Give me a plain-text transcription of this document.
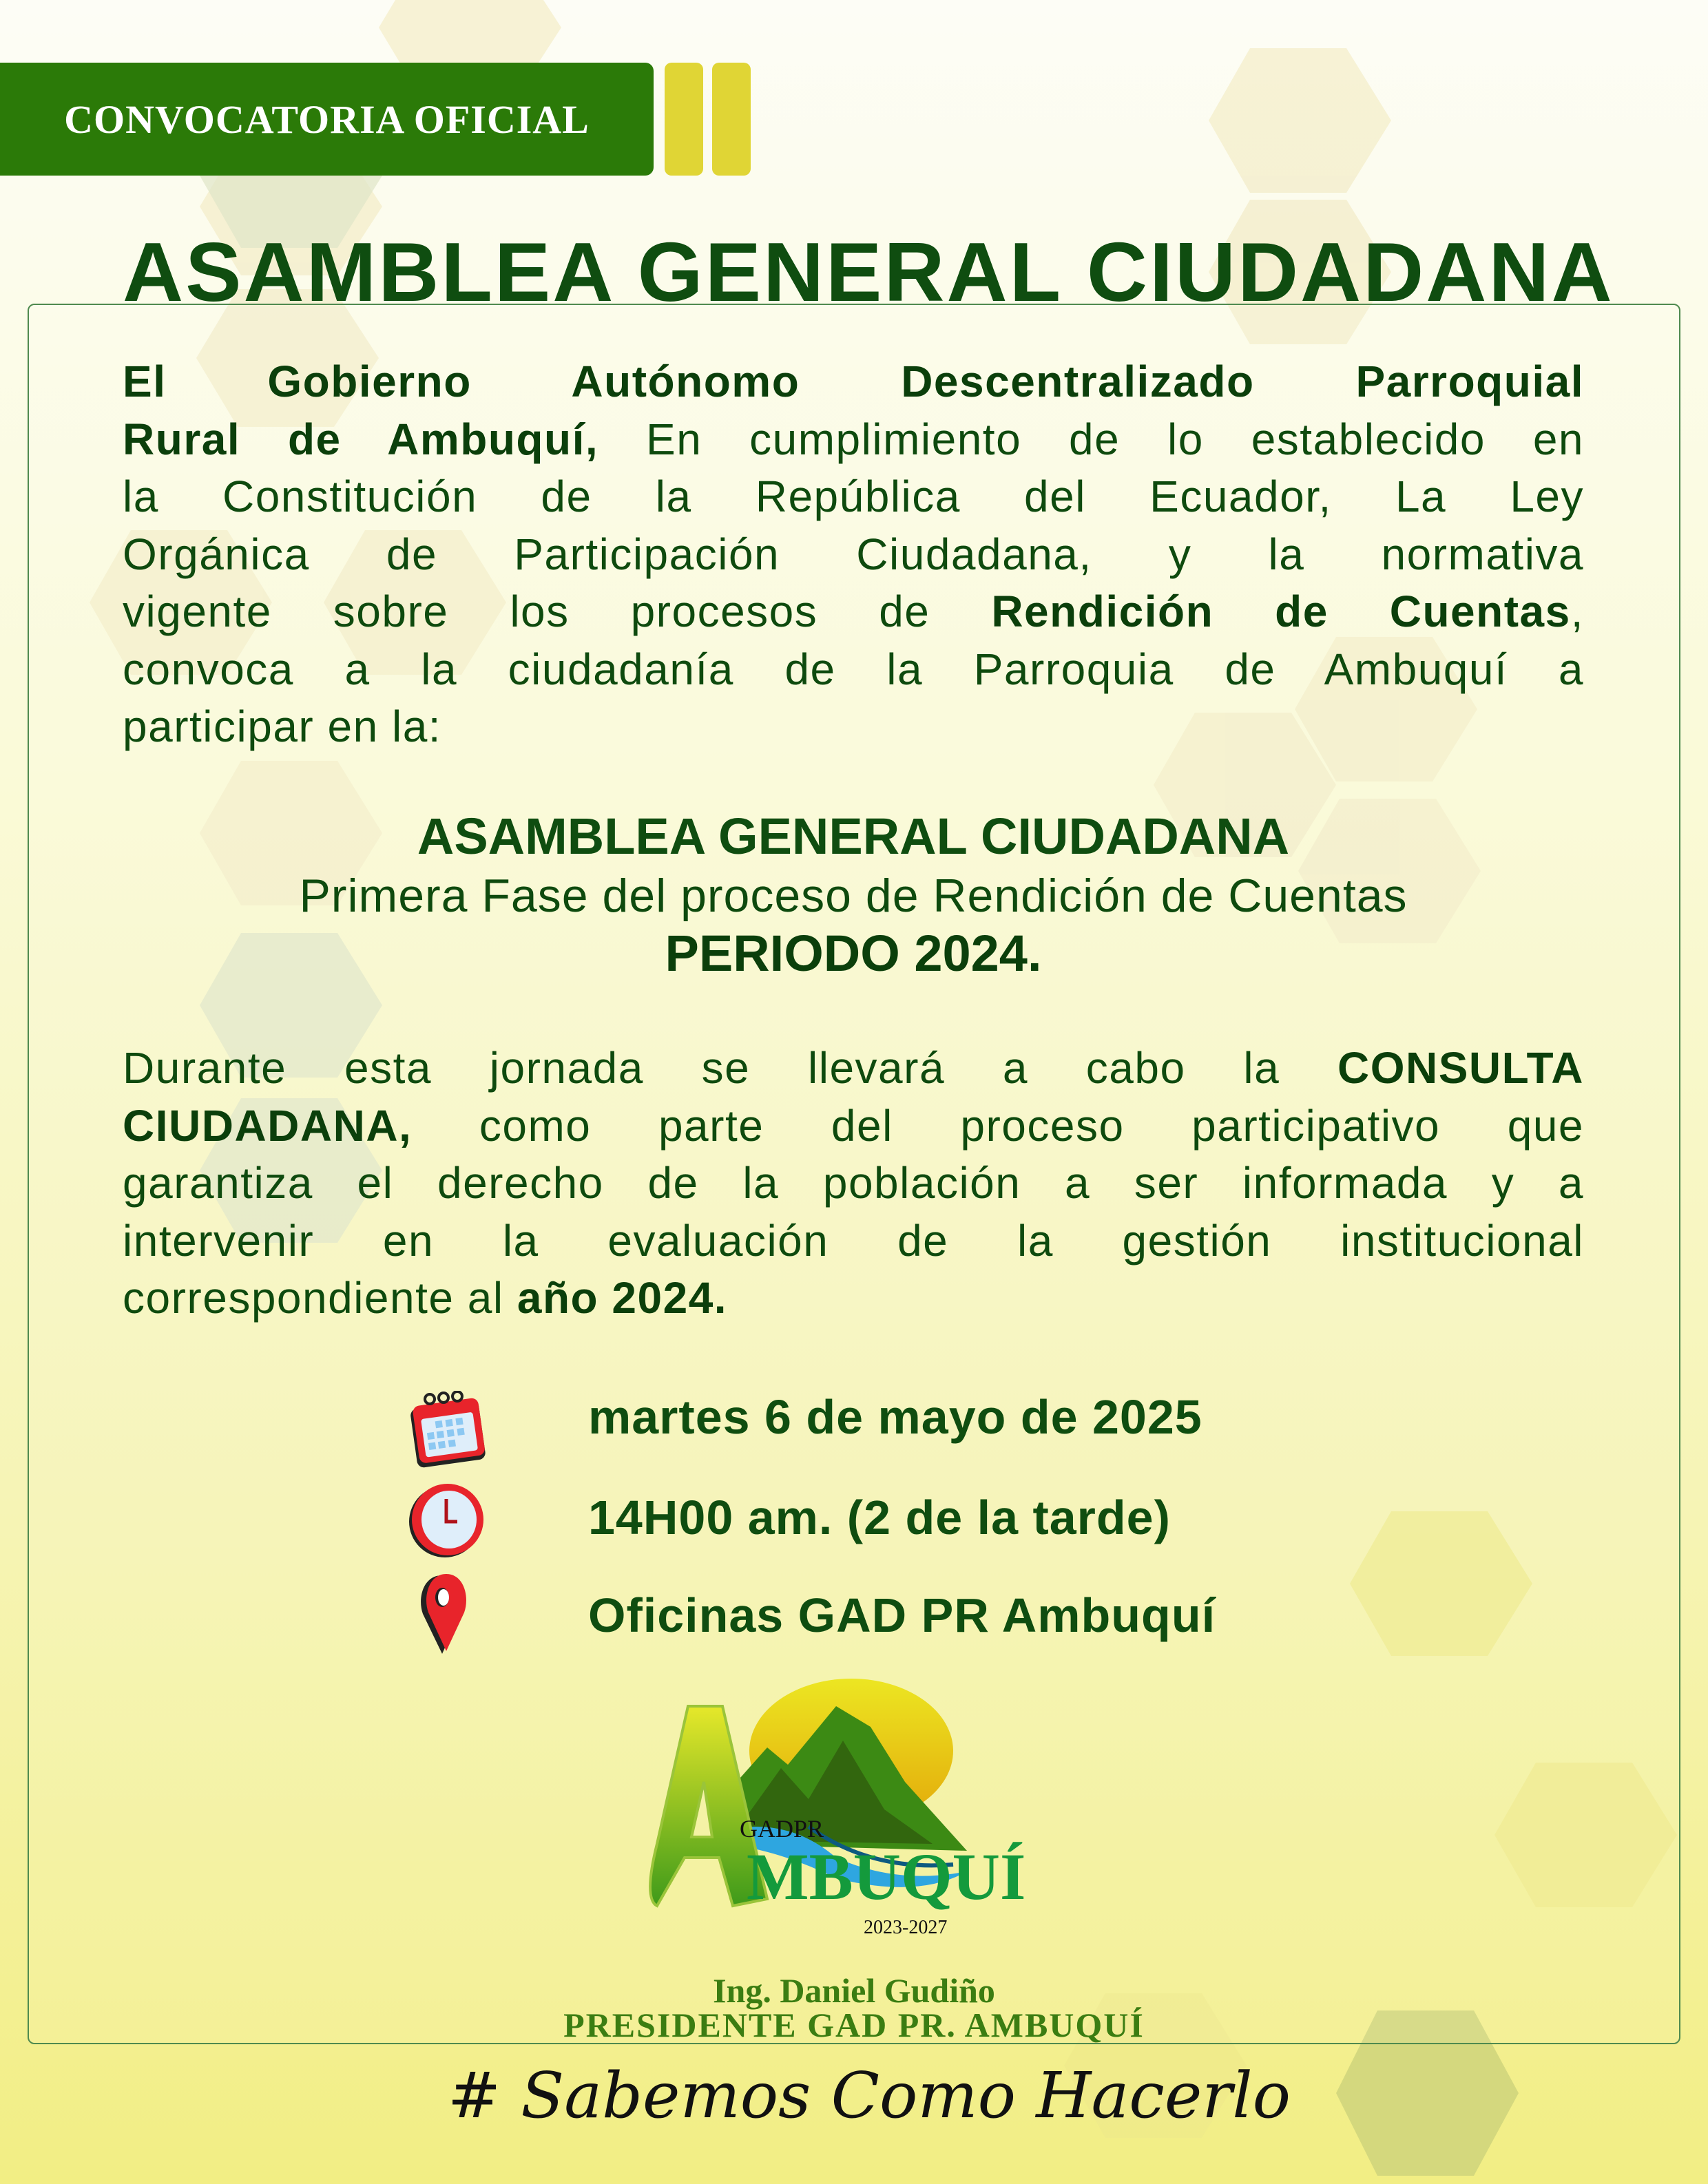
CONVOCATORIA OFICIAL
ASAMBLEA GENERAL CIUDADANA
El Gobierno Autónomo Descentralizado Parroquial
Rural de Ambuquí, En cumplimiento de lo establecido en
la Constitución de la República del Ecuador, La Ley
Orgánica de Participación Ciudadana, y la normativa
vigente sobre los procesos de Rendición de Cuentas,
convoca a la ciudadanía de la Parroquia de Ambuquí a
participar en la:
ASAMBLEA GENERAL CIUDADANA
Primera Fase del proceso de Rendición de Cuentas
PERIODO 2024.
Durante esta jornada se llevará a cabo la CONSULTA
CIUDADANA, como parte del proceso participativo que
garantiza el derecho de la población a ser informada y a
intervenir en la evaluación de la gestión institucional
correspondiente al año 2024.
martes 6 de mayo de 2025
14H00 am. (2 de la tarde)
Oficinas GAD PR Ambuquí
GADPR
MBUQUÍ
2023-2027
Ing. Daniel Gudiño
PRESIDENTE GAD PR. AMBUQUÍ
# Sabemos Como Hacerlo
